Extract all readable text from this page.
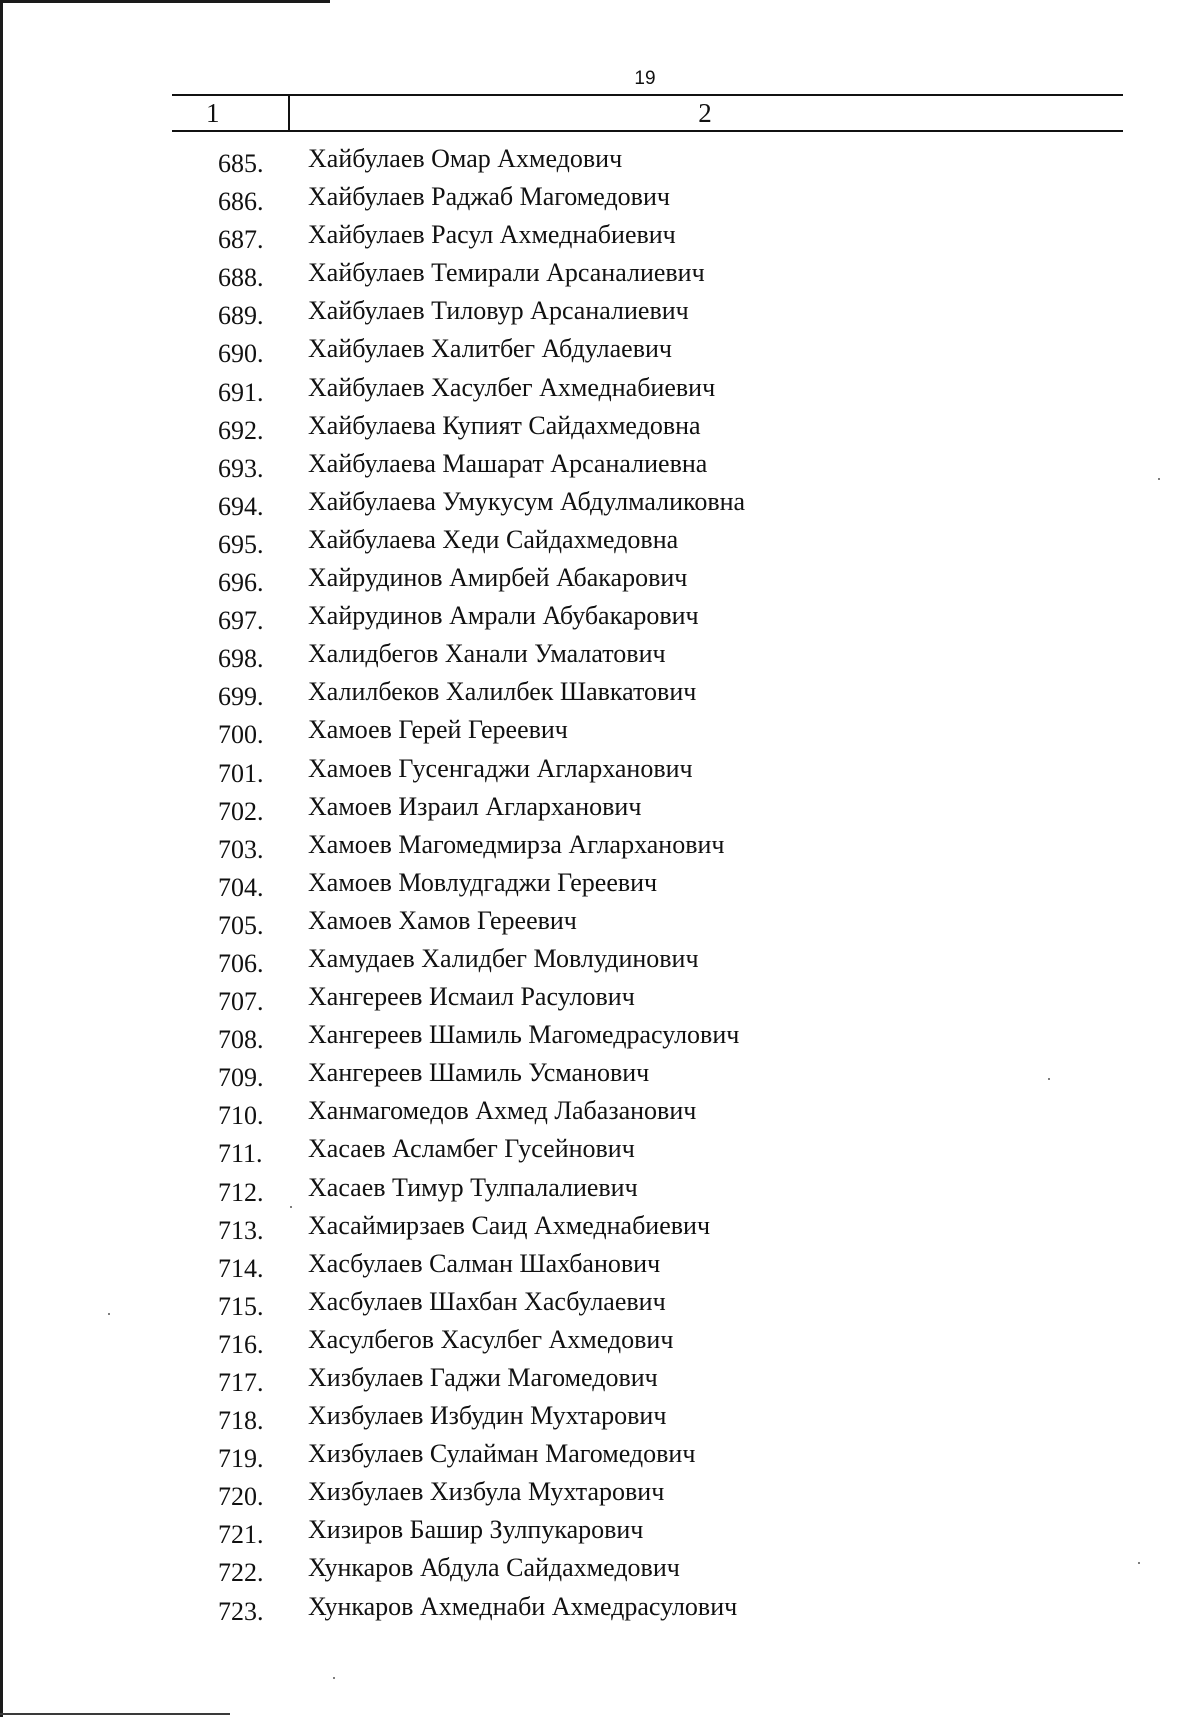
19
1	2
685. Хайбулаев Омар Ахмедович
686. Хайбулаев Раджаб Магомедович
687. Хайбулаев Расул Ахмеднабиевич
688. Хайбулаев Темирали Арсаналиевич
689. Хайбулаев Тиловур Арсаналиевич
690. Хайбулаев Халитбег Абдулаевич
691. Хайбулаев Хасулбег Ахмеднабиевич
692. Хайбулаева Купият Сайдахмедовна
693. Хайбулаева Машарат Арсаналиевна
694. Хайбулаева Умукусум Абдулмаликовна
695. Хайбулаева Хеди Сайдахмедовна
696. Хайрудинов Амирбей Абакарович
697. Хайрудинов Амрали Абубакарович
698. Халидбегов Ханали Умалатович
699. Халилбеков Халилбек Шавкатович
700. Хамоев Герей Гереевич
701. Хамоев Гусенгаджи Агларханович
702. Хамоев Израил Агларханович
703. Хамоев Магомедмирза Агларханович
704. Хамоев Мовлудгаджи Гереевич
705. Хамоев Хамов Гереевич
706. Хамудаев Халидбег Мовлудинович
707. Хангереев Исмаил Расулович
708. Хангереев Шамиль Магомедрасулович
709. Хангереев Шамиль Усманович
710. Ханмагомедов Ахмед Лабазанович
711. Хасаев Асламбег Гусейнович
712. Хасаев Тимур Тулпалалиевич
713. Хасаймирзаев Саид Ахмеднабиевич
714. Хасбулаев Салман Шахбанович
715. Хасбулаев Шахбан Хасбулаевич
716. Хасулбегов Хасулбег Ахмедович
717. Хизбулаев Гаджи Магомедович
718. Хизбулаев Избудин Мухтарович
719. Хизбулаев Сулайман Магомедович
720. Хизбулаев Хизбула Мухтарович
721. Хизиров Башир Зулпукарович
722. Хункаров Абдула Сайдахмедович
723. Хункаров Ахмеднаби Ахмедрасулович
